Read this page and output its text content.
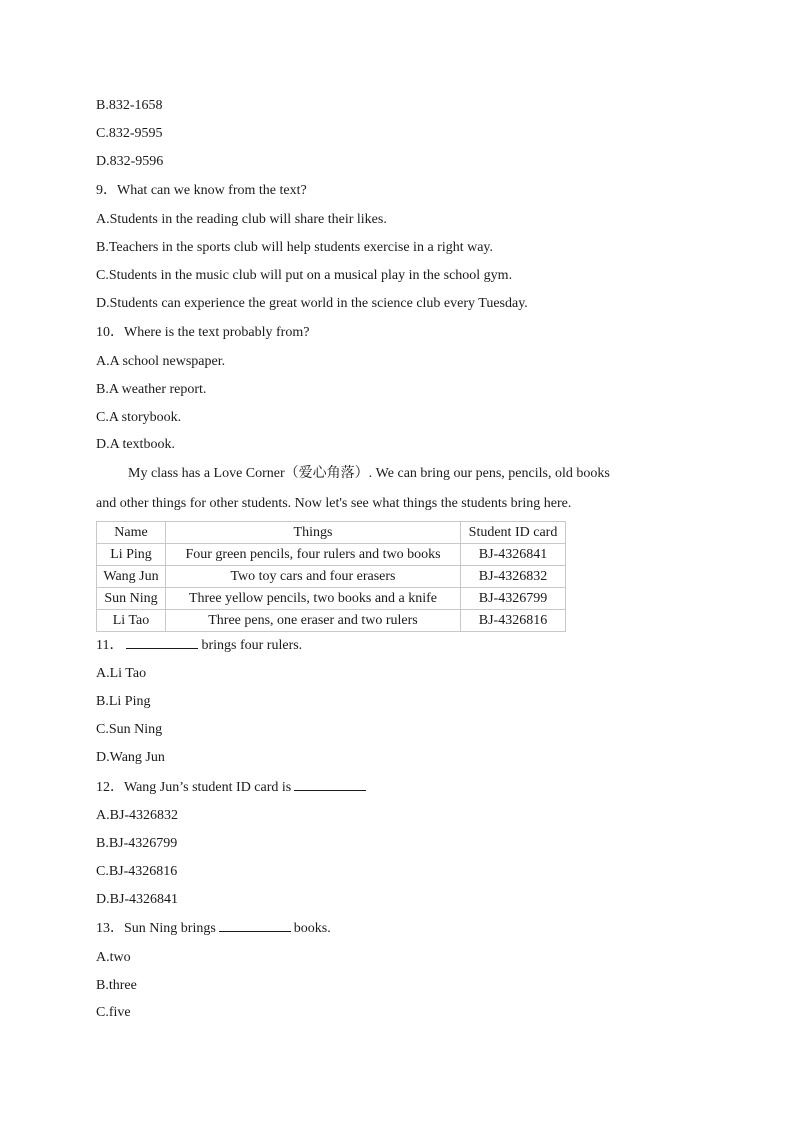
B.832-1658
C.832-9595
D.832-9596
9．What can we know from the text?
A.Students in the reading club will share their likes.
B.Teachers in the sports club will help students exercise in a right way.
C.Students in the music club will put on a musical play in the school gym.
D.Students can experience the great world in the science club every Tuesday.
10．Where is the text probably from?
A.A school newspaper.
B.A weather report.
C.A storybook.
D.A textbook.
My class has a Love Corner（爱心角落）. We can bring our pens, pencils, old books
and other things for other students. Now let's see what things the students bring here.
Name	Things	Student ID card
Li Ping	Four green pencils, four rulers and two books	BJ-4326841
Wang Jun	Two toy cars and four erasers	BJ-4326832
Sun Ning	Three yellow pencils, two books and a knife	BJ-4326799
Li Tao	Three pens, one eraser and two rulers	BJ-4326816
11．	brings four rulers.
A.Li Tao
B.Li Ping
C.Sun Ning
D.Wang Jun
12．Wang Jun’s student ID card is
A.BJ-4326832
B.BJ-4326799
C.BJ-4326816
D.BJ-4326841
13．Sun Ning brings	books.
A.two
B.three
C.five
